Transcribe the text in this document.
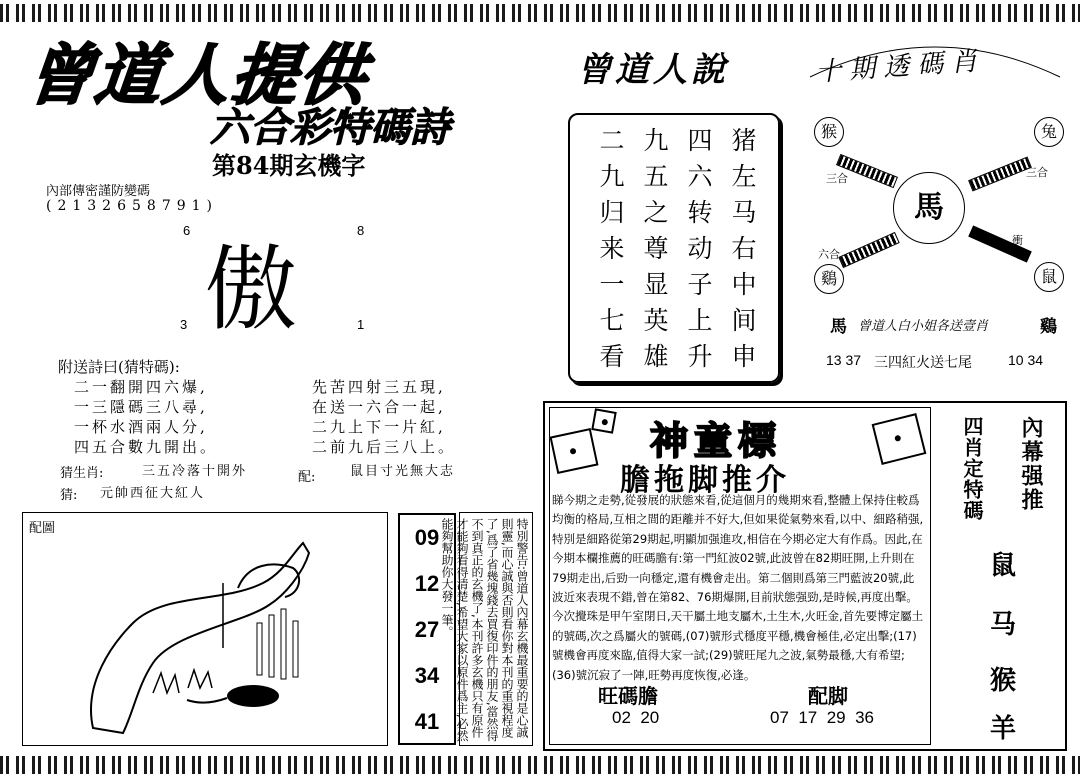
曾道人提供
六合彩特碼詩
第84期玄機字
內部傳密謹防變碼
(2132658791)
6	8
傲
3	1
附送詩曰(猜特碼):
二一翻開四六爆,
一三隱碼三八尋,
一杯水酒兩人分,
四五合數九開出。
先苦四射三五現,
在送一六合一起,
二九上下一片紅,
二前九后三八上。
猜生肖:	三五冷落十開外	配:	鼠目寸光無大志
猜: 元帥西征大紅人
配圖	09
12
27
34
41	特別警告:曾道人內幕玄機最重要的是心誠則靈,而心誠與否則看你對本刊的重視程度了,爲了省幾塊錢去買復印件的朋友,當然得不到真正的玄機了,本刊許多玄機只有原件才能夠看得清楚,希望大家以原件爲主,必然能夠幫助你大發一筆。
曾道人說
二 九 四 猪
九 五 六 左
归 之 转 马
来 尊 动 右
一 显 子 中
七 英 上 间
看 雄 升 申
十期透碼肖
馬
猴	兔
鷄	鼠
三合	三合
六合
衝
馬 曾道人白小姐各送壹肖	鷄
13 37 三四紅火送七尾	10 34
神童標
膽拖脚推介
睇今期之走勢,從發展的狀態來看,從這個月的幾期來看,整體上保持住較爲均衡的格局,互相之間的距離并不好大,但如果從氣勢來看,以中、細路稍强,特別是細路從第29期起,明顯加强進攻,相信在今期必定大有作爲。因此,在今期本欄推薦的旺碼膽有:第一門紅波02號,此波曾在82期旺開,上升則在79期走出,后勁一向穩定,還有機會走出。第二個則爲第三門藍波20號,此波近來表現不錯,曾在第82、76期爆開,目前狀態强勁,是時候,再度出擊。今次攪珠是甲午室閉日,天干屬土地支屬木,土生木,火旺金,首先要博定屬土的號碼,次之爲屬火的號碼,(07)號形式穩度平穩,機會極佳,必定出擊;(17)號機會再度來臨,值得大家一試;(29)號旺尾九之波,氣勢最穩,大有希望;(36)號沉寂了一陣,旺勢再度恢復,必逢。
旺碼膽
02  20
配脚
07  17  29  36
內幕强推
四肖定特碼
鼠
马
猴
羊
